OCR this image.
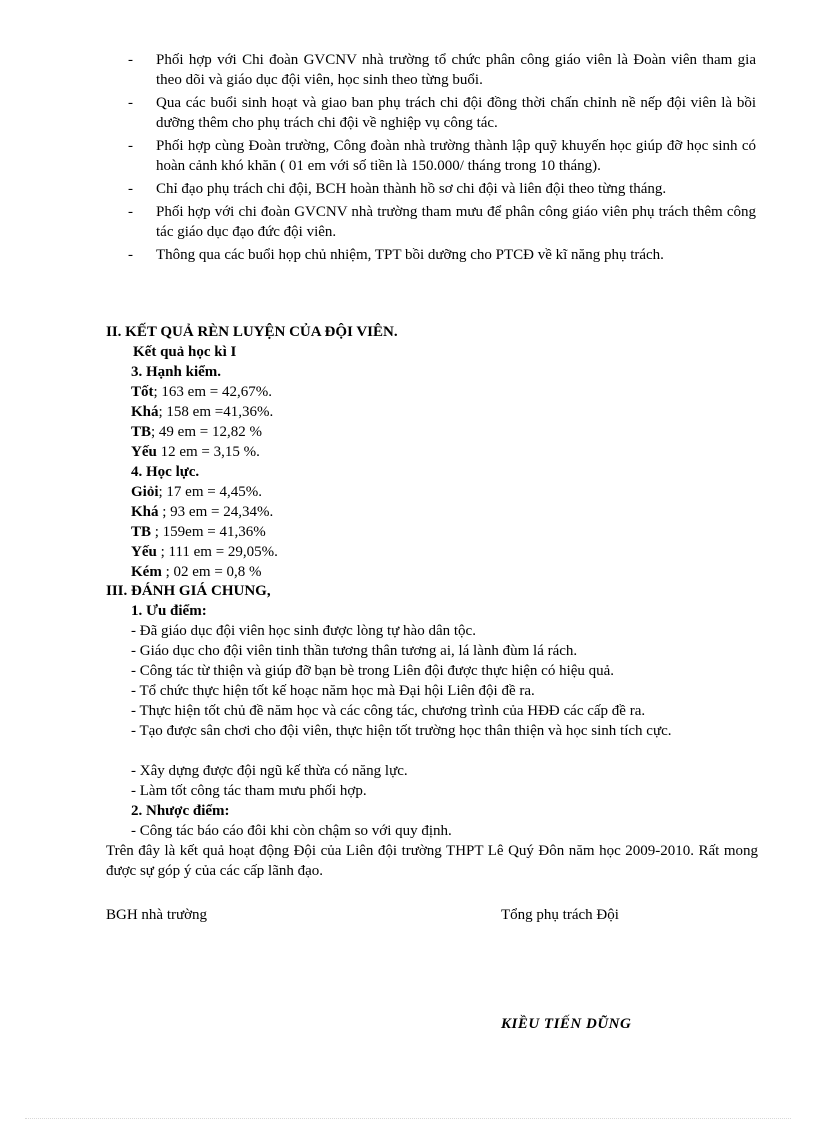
- Phối hợp với Chi đoàn GVCNV nhà trường tổ chức phân công giáo viên là Đoàn viên tham gia theo dõi và giáo dục đội viên, học sinh theo từng buổi.
- Qua các buổi sinh hoạt và giao ban phụ trách chi đội đồng thời chấn chỉnh nề nếp đội viên là bồi dưỡng thêm cho phụ trách chi đội về nghiệp vụ công tác.
- Phối hợp cùng Đoàn trường, Công đoàn nhà trường thành lập quỹ khuyến học giúp đỡ học sinh có hoàn cảnh khó khăn ( 01 em với số tiền là 150.000/ tháng trong 10 tháng).
- Chỉ đạo phụ trách chi đội, BCH hoàn thành hồ sơ chi đội và liên đội theo từng tháng.
- Phối hợp với chi đoàn GVCNV nhà trường tham mưu để phân công giáo viên phụ trách thêm công tác giáo dục đạo đức đội viên.
- Thông qua các buổi họp chủ nhiệm, TPT bồi dưỡng cho PTCĐ về kĩ năng phụ trách.
II. KẾT QUẢ RÈN LUYỆN CỦA ĐỘI VIÊN.
Kết quả học kì I
3. Hạnh kiểm.
Tốt; 163 em = 42,67%.
Khá; 158 em =41,36%.
TB; 49 em = 12,82 %
Yếu 12 em = 3,15 %.
4. Học lực.
Giỏi; 17 em = 4,45%.
Khá ; 93 em = 24,34%.
TB ; 159em = 41,36%
Yếu ; 111 em = 29,05%.
Kém ; 02 em = 0,8 %
III. ĐÁNH GIÁ CHUNG,
1. Ưu điểm:
- Đã giáo dục đội viên học sinh được lòng tự hào dân tộc.
- Giáo dục cho đội viên tinh thần tương thân tương ai, lá lành đùm lá rách.
- Công tác từ thiện và giúp đỡ bạn bè trong Liên đội được thực hiện có hiệu quả.
- Tổ chức thực hiện tốt kế hoạc năm học mà Đại hội Liên đội đề ra.
- Thực hiện tốt chủ đề năm học và các công tác, chương trình của HĐĐ các cấp đề ra.
- Tạo được sân chơi cho đội viên, thực hiện tốt trường học thân thiện và học sinh tích cực.
- Xây dựng được đội ngũ kế thừa có năng lực.
- Làm tốt công tác tham mưu phối hợp.
2. Nhược điểm:
- Công tác báo cáo đôi khi còn chậm so với quy định.
Trên đây là kết quả hoạt động Đội của Liên đội trường THPT Lê Quý Đôn năm học 2009-2010. Rất mong được sự góp ý của các cấp lãnh đạo.
BGH nhà trường	Tổng phụ trách Đội
KIỀU TIẾN DŨNG
